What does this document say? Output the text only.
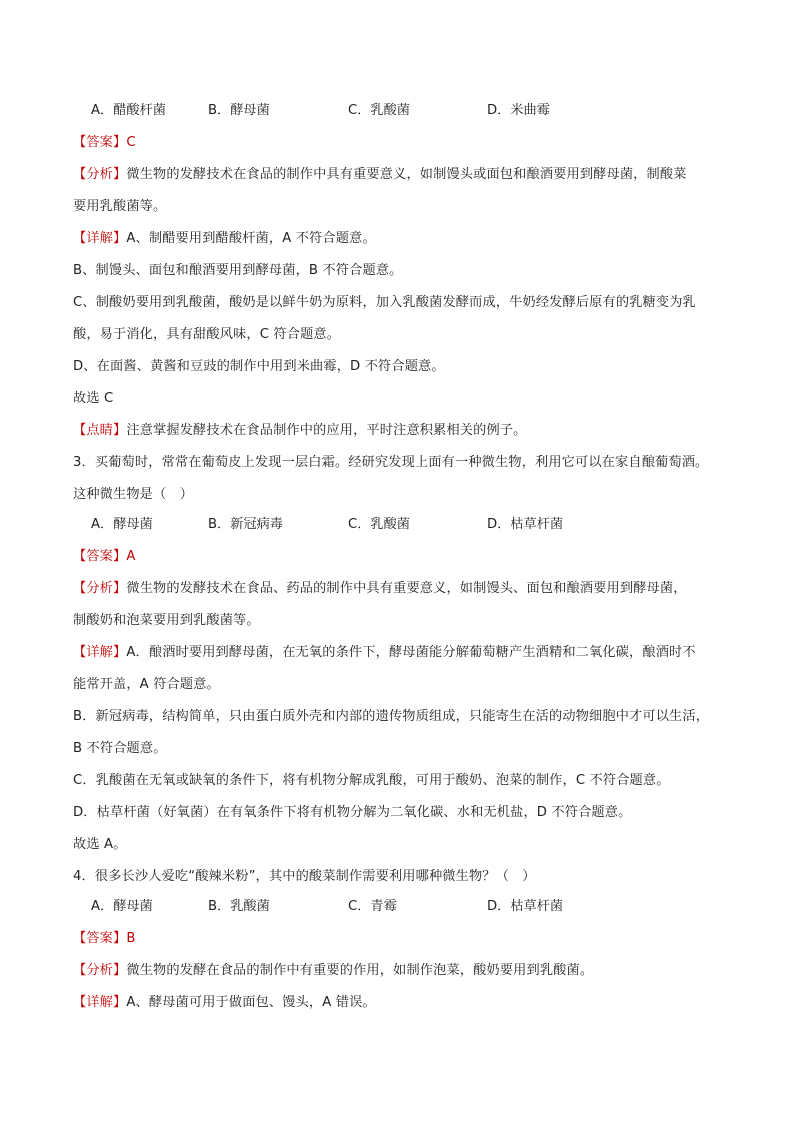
A．醋酸杆菌	B．酵母菌	C．乳酸菌	D．米曲霉
【答案】C
【分析】微生物的发酵技术在食品的制作中具有重要意义，如制馒头或面包和酿酒要用到酵母菌，制酸菜
要用乳酸菌等。
【详解】A、制醋要用到醋酸杆菌，A 不符合题意。
B、制馒头、面包和酿酒要用到酵母菌，B 不符合题意。
C、制酸奶要用到乳酸菌，酸奶是以鲜牛奶为原料，加入乳酸菌发酵而成，牛奶经发酵后原有的乳糖变为乳
酸，易于消化，具有甜酸风味，C 符合题意。
D、在面酱、黄酱和豆豉的制作中用到米曲霉，D 不符合题意。
故选 C
【点睛】注意掌握发酵技术在食品制作中的应用，平时注意积累相关的例子。
3．买葡萄时，常常在葡萄皮上发现一层白霜。经研究发现上面有一种微生物，利用它可以在家自酿葡萄酒。
这种微生物是（　）
A．酵母菌	B．新冠病毒	C．乳酸菌	D．枯草杆菌
【答案】A
【分析】微生物的发酵技术在食品、药品的制作中具有重要意义，如制馒头、面包和酿酒要用到酵母菌，
制酸奶和泡菜要用到乳酸菌等。
【详解】A．酿酒时要用到酵母菌，在无氧的条件下，酵母菌能分解葡萄糖产生酒精和二氧化碳，酿酒时不
能常开盖，A 符合题意。
B．新冠病毒，结构简单，只由蛋白质外壳和内部的遗传物质组成，只能寄生在活的动物细胞中才可以生活，
B 不符合题意。
C．乳酸菌在无氧或缺氧的条件下，将有机物分解成乳酸，可用于酸奶、泡菜的制作，C 不符合题意。
D．枯草杆菌（好氧菌）在有氧条件下将有机物分解为二氧化碳、水和无机盐，D 不符合题意。
故选 A。
4．很多长沙人爱吃“酸辣米粉”，其中的酸菜制作需要利用哪种微生物？（　）
A．酵母菌	B．乳酸菌	C．青霉	D．枯草杆菌
【答案】B
【分析】微生物的发酵在食品的制作中有重要的作用，如制作泡菜，酸奶要用到乳酸菌。
【详解】A、酵母菌可用于做面包、馒头，A 错误。
